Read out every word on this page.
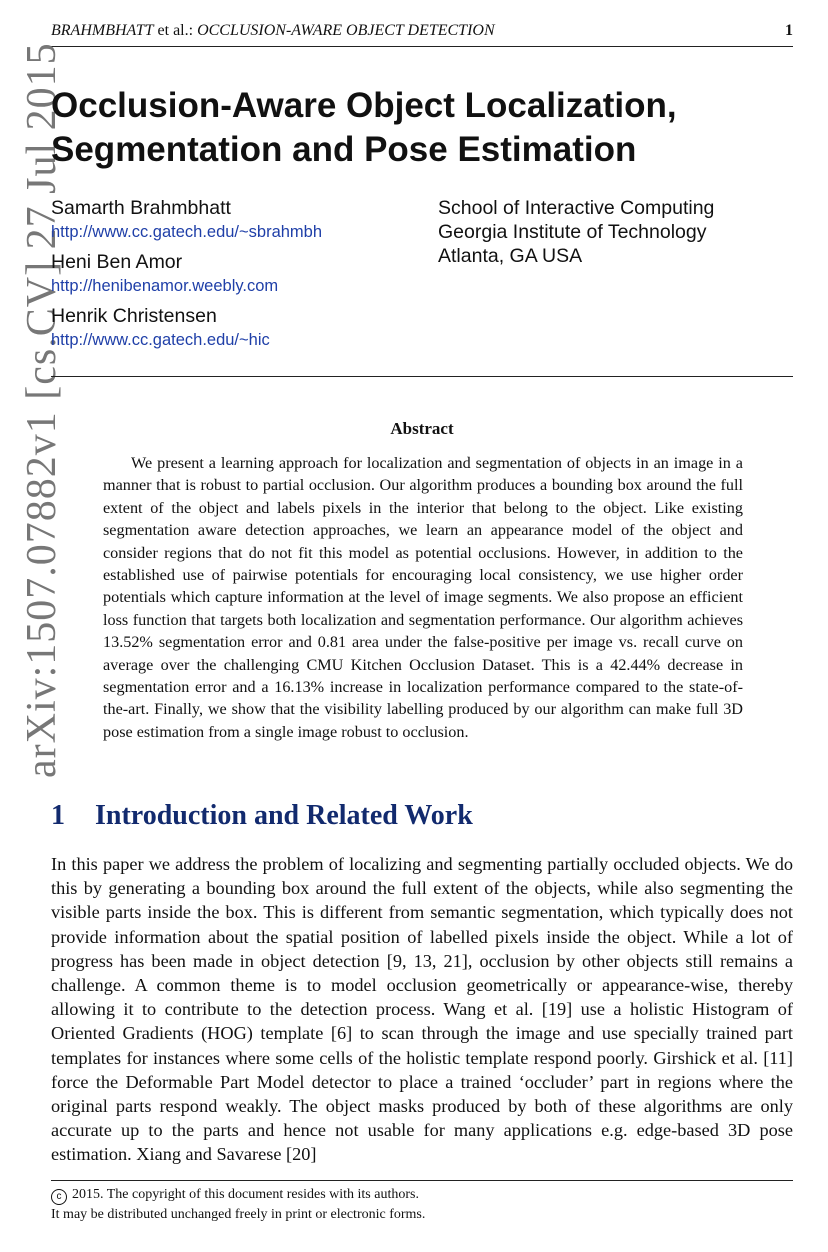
BRAHMBHATT et al.: OCCLUSION-AWARE OBJECT DETECTION	1
arXiv:1507.07882v1 [cs.CV] 27 Jul 2015
Occlusion-Aware Object Localization,
Segmentation and Pose Estimation
Samarth Brahmbhatt
http://www.cc.gatech.edu/~sbrahmbh
Heni Ben Amor
http://henibenamor.weebly.com
Henrik Christensen
http://www.cc.gatech.edu/~hic
School of Interactive Computing
Georgia Institute of Technology
Atlanta, GA USA
Abstract

We present a learning approach for localization and segmentation of objects in an image in a manner that is robust to partial occlusion. Our algorithm produces a bounding box around the full extent of the object and labels pixels in the interior that belong to the object. Like existing segmentation aware detection approaches, we learn an appearance model of the object and consider regions that do not fit this model as potential occlusions. However, in addition to the established use of pairwise potentials for encouraging local consistency, we use higher order potentials which capture information at the level of image segments. We also propose an efficient loss function that targets both localization and segmentation performance. Our algorithm achieves 13.52% segmentation error and 0.81 area under the false-positive per image vs. recall curve on average over the challenging CMU Kitchen Occlusion Dataset. This is a 42.44% decrease in segmentation error and a 16.13% increase in localization performance compared to the state-of-the-art. Finally, we show that the visibility labelling produced by our algorithm can make full 3D pose estimation from a single image robust to occlusion.

1 Introduction and Related Work

In this paper we address the problem of localizing and segmenting partially occluded objects. We do this by generating a bounding box around the full extent of the objects, while also segmenting the visible parts inside the box. This is different from semantic segmentation, which typically does not provide information about the spatial position of labelled pixels inside the object. While a lot of progress has been made in object detection [9, 13, 21], occlusion by other objects still remains a challenge. A common theme is to model occlusion geometrically or appearance-wise, thereby allowing it to contribute to the detection process. Wang et al. [19] use a holistic Histogram of Oriented Gradients (HOG) template [6] to scan through the image and use specially trained part templates for instances where some cells of the holistic template respond poorly. Girshick et al. [11] force the Deformable Part Model detector to place a trained ‘occluder’ part in regions where the original parts respond weakly. The object masks produced by both of these algorithms are only accurate up to the parts and hence not usable for many applications e.g. edge-based 3D pose estimation. Xiang and Savarese [20]

c 2015. The copyright of this document resides with its authors.
It may be distributed unchanged freely in print or electronic forms.
